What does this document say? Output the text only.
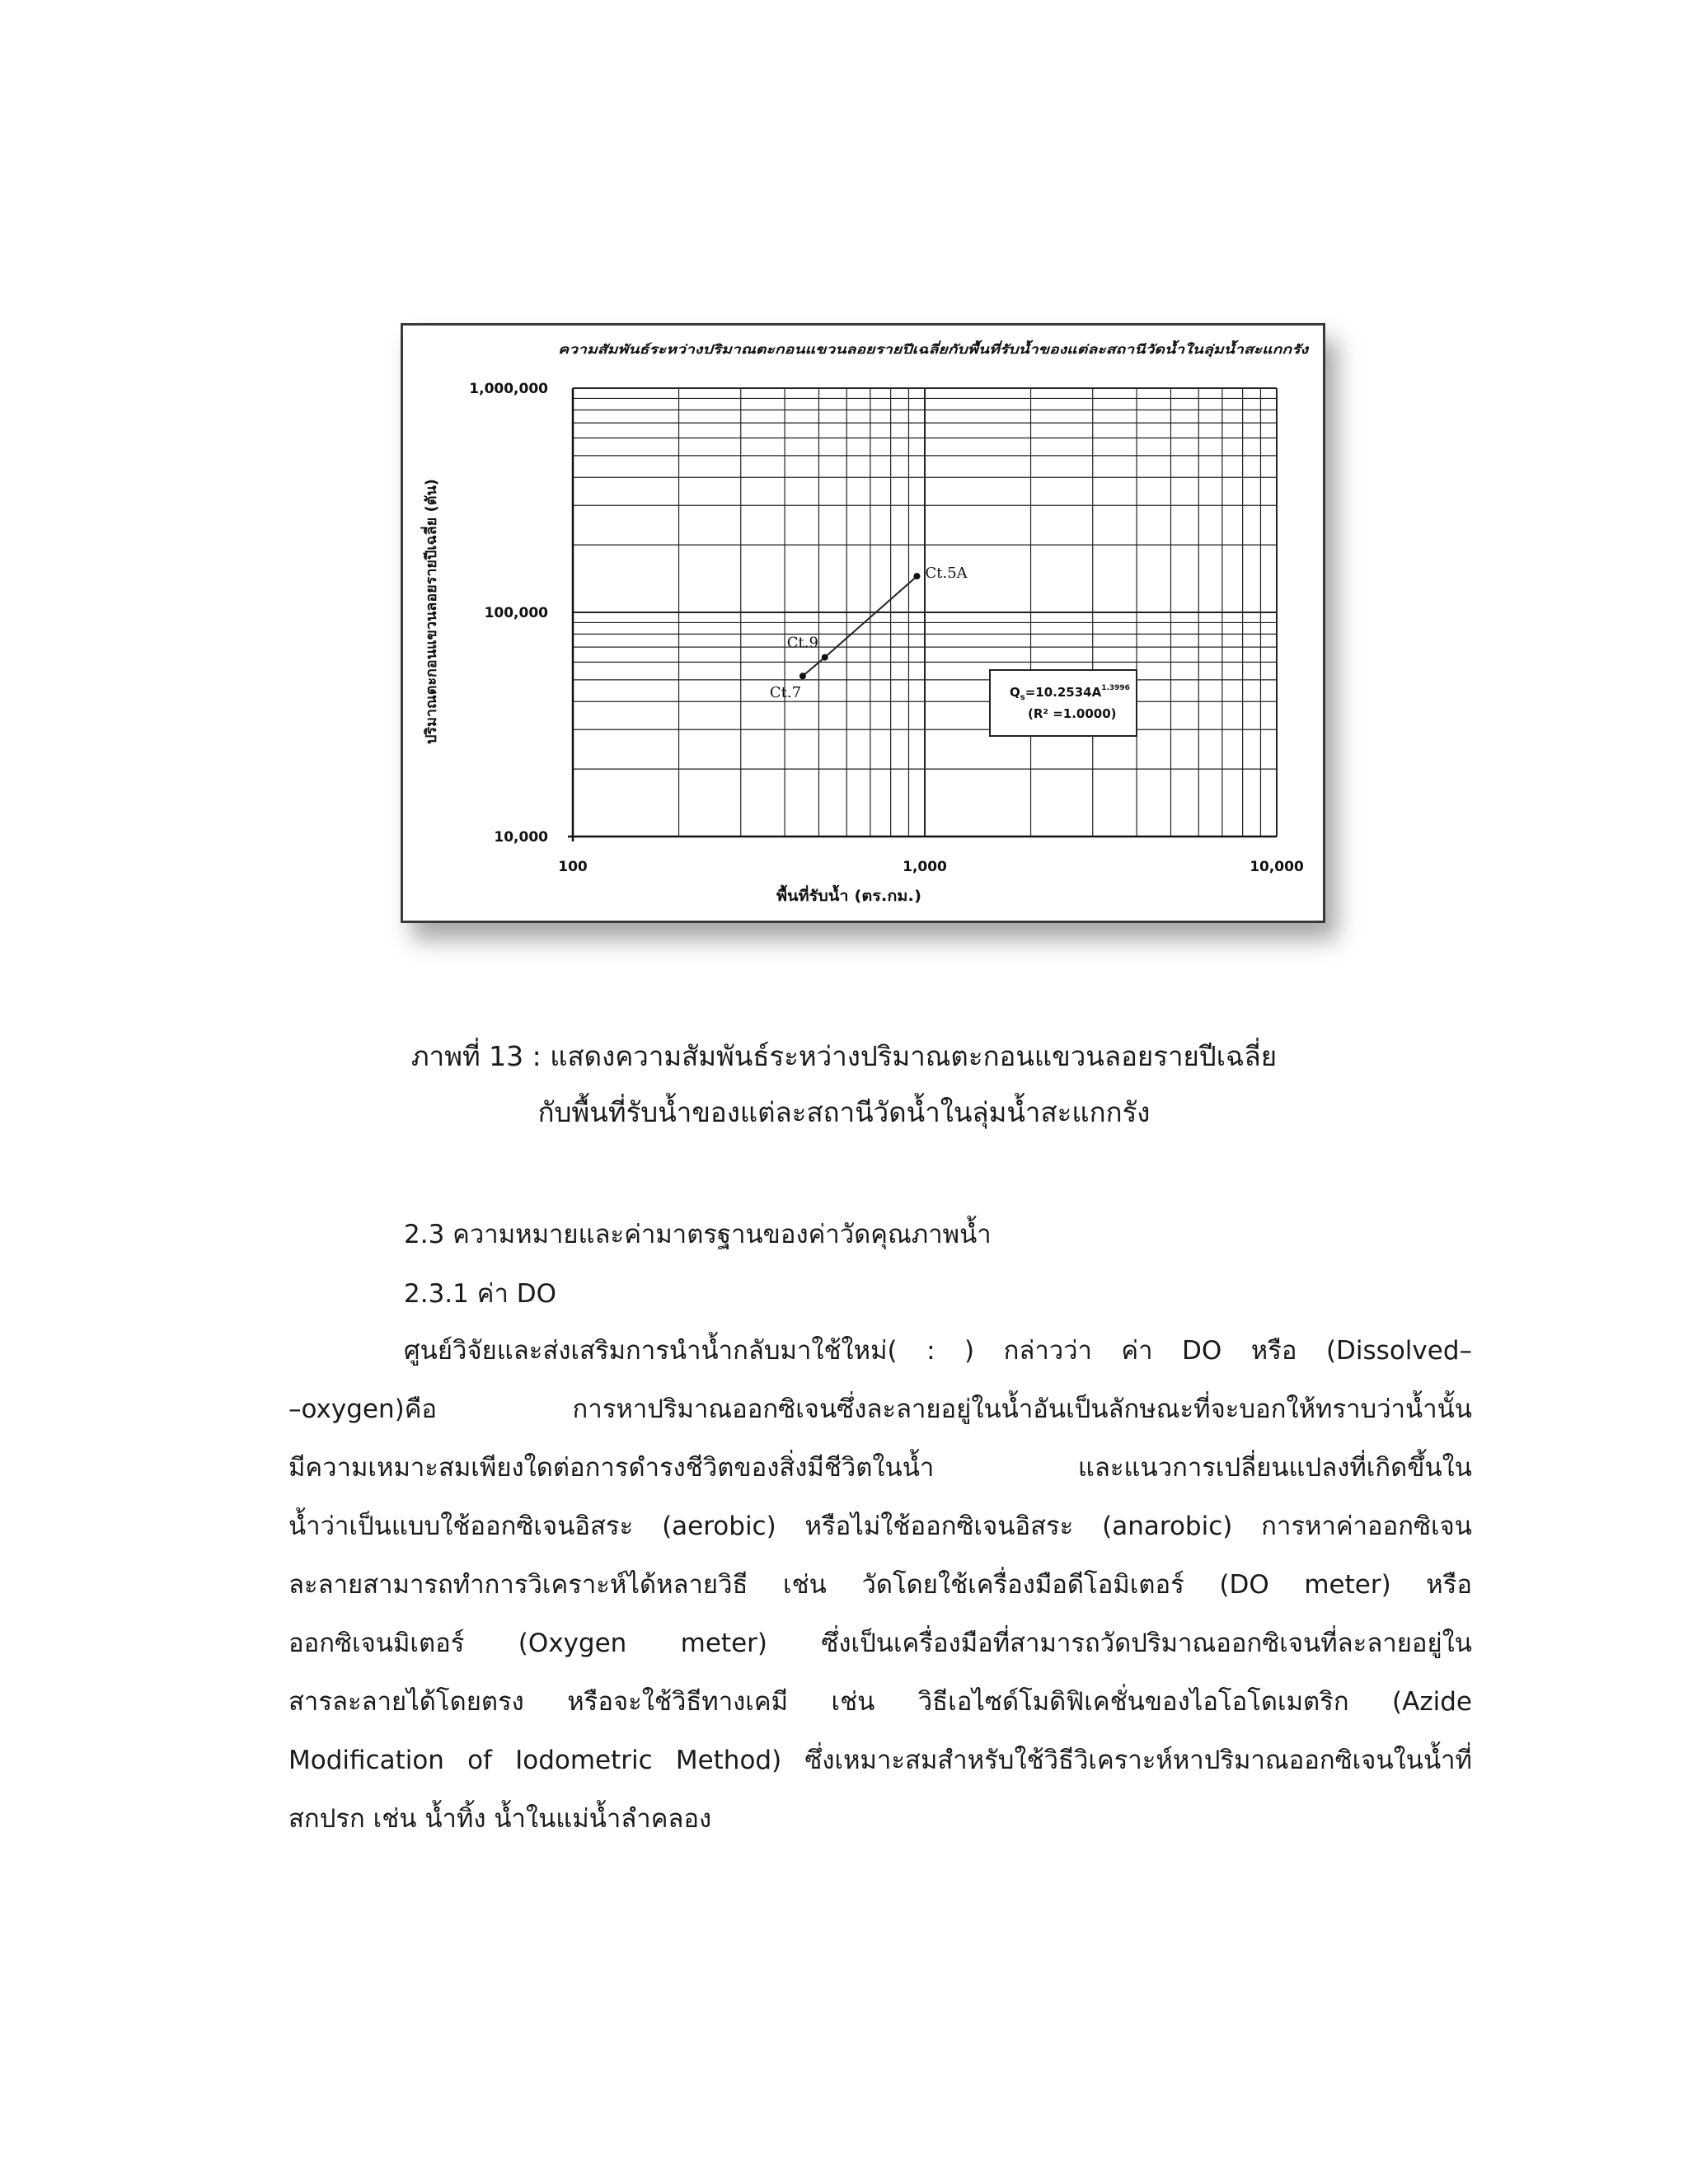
ความสัมพันธ์ระหว่างปริมาณตะกอนแขวนลอยรายปีเฉลี่ยกับพื้นที่รับน้ำของแต่ละสถานีวัดน้ำในลุ่มน้ำสะแกกรัง
100	1,000	10,000
10,000
100,000
1,000,000
พื้นที่รับน้ำ (ตร.กม.)
ปริมาณตะกอนแขวนลอยรายปีเฉลี่ย (ตัน)	Ct.7
Ct.9
Ct.5A
$Q_s=10.2534A^{1.3996}$
(R² =1.0000)
ภาพที่ 13 : แสดงความสัมพันธ์ระหว่างปริมาณตะกอนแขวนลอยรายปีเฉลี่ย
กับพื้นที่รับน้ำของแต่ละสถานีวัดน้ำในลุ่มน้ำสะแกกรัง
2.3 ความหมายและค่ามาตรฐานของค่าวัดคุณภาพน้ำ
2.3.1 ค่า DO
ศูนย์วิจัยและส่งเสริมการนำน้ำกลับมาใช้ใหม่( : ) กล่าวว่า ค่า DO หรือ (Dissolved–
–oxygen)คือ การหาปริมาณออกซิเจนซึ่งละลายอยู่ในน้ำอันเป็นลักษณะที่จะบอกให้ทราบว่าน้ำนั้น
มีความเหมาะสมเพียงใดต่อการดำรงชีวิตของสิ่งมีชีวิตในน้ำ และแนวการเปลี่ยนแปลงที่เกิดขึ้นใน
น้ำว่าเป็นแบบใช้ออกซิเจนอิสระ (aerobic) หรือไม่ใช้ออกซิเจนอิสระ (anarobic) การหาค่าออกซิเจน
ละลายสามารถทำการวิเคราะห์ได้หลายวิธี เช่น วัดโดยใช้เครื่องมือดีโอมิเตอร์ (DO meter) หรือ
ออกซิเจนมิเตอร์ (Oxygen meter) ซึ่งเป็นเครื่องมือที่สามารถวัดปริมาณออกซิเจนที่ละลายอยู่ใน
สารละลายได้โดยตรง หรือจะใช้วิธีทางเคมี เช่น วิธีเอไซด์โมดิฟิเคชั่นของไอโอโดเมตริก (Azide
Modification of Iodometric Method) ซึ่งเหมาะสมสำหรับใช้วิธีวิเคราะห์หาปริมาณออกซิเจนในน้ำที่
สกปรก เช่น น้ำทิ้ง น้ำในแม่น้ำลำคลอง
